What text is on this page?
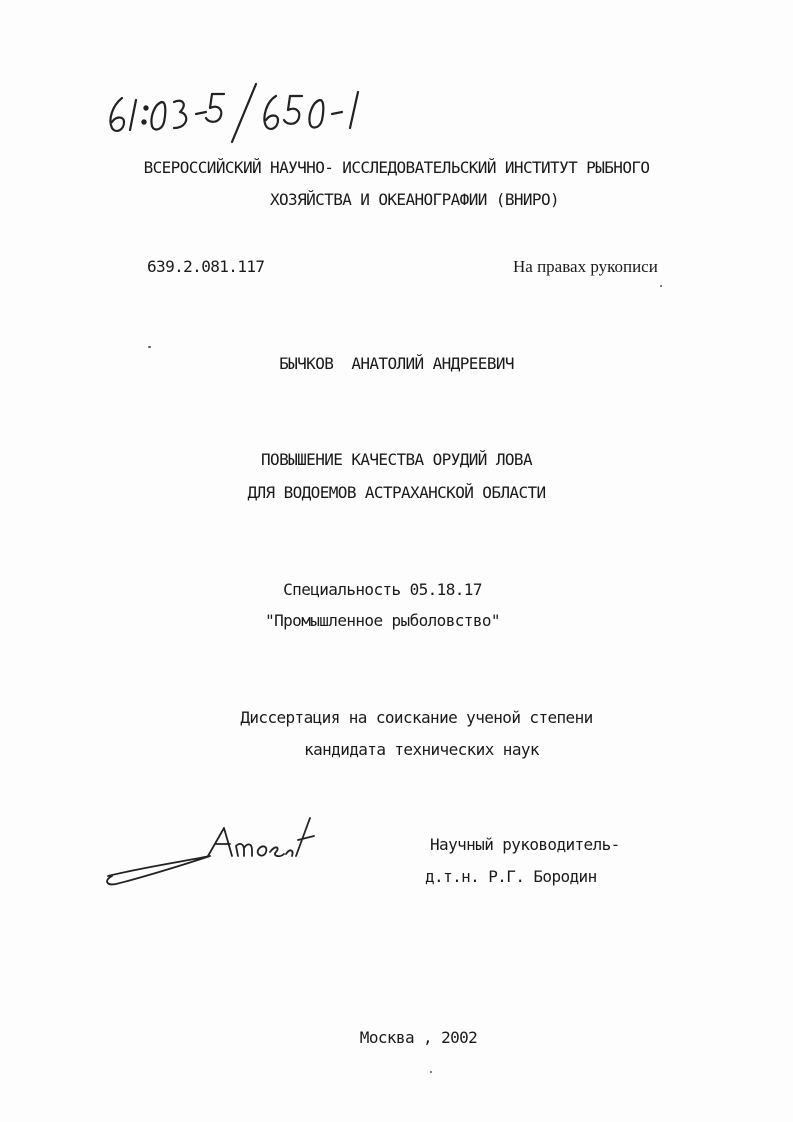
ВСЕРОССИЙСКИЙ НАУЧНО- ИССЛЕДОВАТЕЛЬСКИЙ ИНСТИТУТ РЫБНОГО
ХОЗЯЙСТВА И ОКЕАНОГРАФИИ (ВНИРО)
639.2.081.117	На правах рукописи
БЫЧКОВ  АНАТОЛИЙ АНДРЕЕВИЧ
ПОВЫШЕНИЕ КАЧЕСТВА ОРУДИЙ ЛОВА
ДЛЯ ВОДОЕМОВ АСТРАХАНСКОЙ ОБЛАСТИ
Специальность 05.18.17
"Промышленное рыболовство"
Диссертация на соискание ученой степени
кандидата технических наук
Научный руководитель-
д.т.н. Р.Г. Бородин
Москва , 2002
